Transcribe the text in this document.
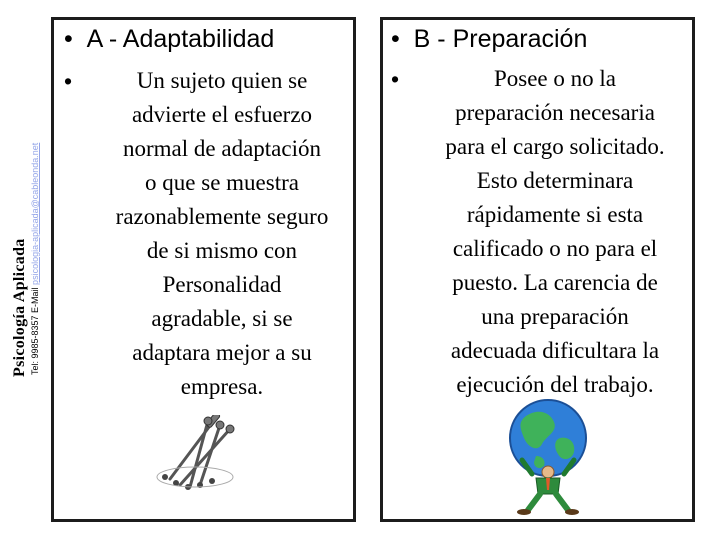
Psicología Aplicada Tel: 9985-8357 E-Mail psicologia-aplicada@cableonda.net
• A - Adaptabilidad
•	Un sujeto quien se
advierte el esfuerzo
normal de adaptación
o que se muestra
razonablemente seguro
de si mismo con
Personalidad
agradable, si se
adaptara mejor a su
empresa.
• B - Preparación
•	Posee o no la
preparación necesaria
para el cargo solicitado.
Esto determinara
rápidamente si esta
calificado o no para el
puesto. La carencia de
una preparación
adecuada dificultara la
ejecución del trabajo.
